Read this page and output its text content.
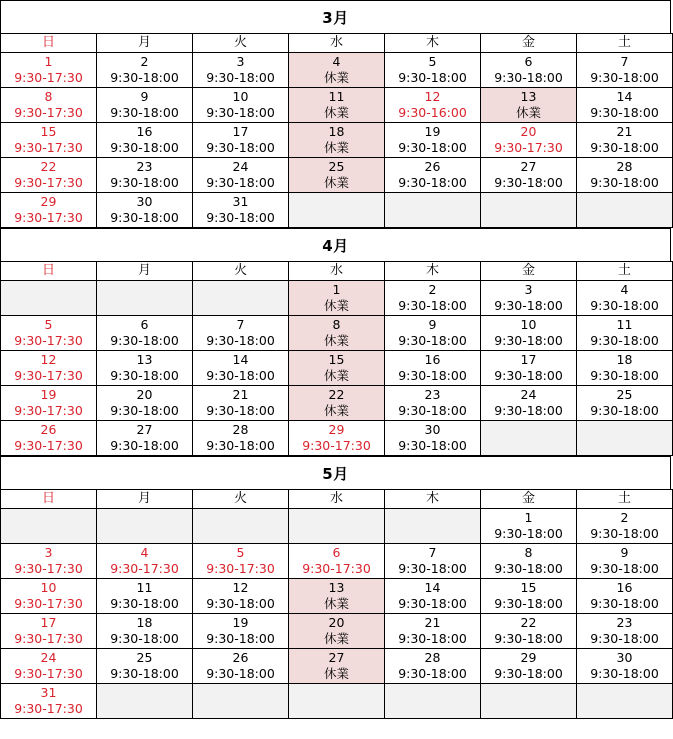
3月
日	月	火	水	木	金	土

1
9:30-17:30	2
9:30-18:00	3
9:30-18:00	4
休業	5
9:30-18:00	6
9:30-18:00	7
9:30-18:00

8
9:30-17:30	9
9:30-18:00	10
9:30-18:00	11
休業	12
9:30-16:00	13
休業	14
9:30-18:00

15
9:30-17:30	16
9:30-18:00	17
9:30-18:00	18
休業	19
9:30-18:00	20
9:30-17:30	21
9:30-18:00

22
9:30-17:30	23
9:30-18:00	24
9:30-18:00	25
休業	26
9:30-18:00	27
9:30-18:00	28
9:30-18:00

29
9:30-17:30	30
9:30-18:00	31
9:30-18:00				

4月
日	月	火	水	木	金	土

			1
休業	2
9:30-18:00	3
9:30-18:00	4
9:30-18:00

5
9:30-17:30	6
9:30-18:00	7
9:30-18:00	8
休業	9
9:30-18:00	10
9:30-18:00	11
9:30-18:00

12
9:30-17:30	13
9:30-18:00	14
9:30-18:00	15
休業	16
9:30-18:00	17
9:30-18:00	18
9:30-18:00

19
9:30-17:30	20
9:30-18:00	21
9:30-18:00	22
休業	23
9:30-18:00	24
9:30-18:00	25
9:30-18:00

26
9:30-17:30	27
9:30-18:00	28
9:30-18:00	29
9:30-17:30	30
9:30-18:00		

5月
日	月	火	水	木	金	土

					1
9:30-18:00	2
9:30-18:00

3
9:30-17:30	4
9:30-17:30	5
9:30-17:30	6
9:30-17:30	7
9:30-18:00	8
9:30-18:00	9
9:30-18:00

10
9:30-17:30	11
9:30-18:00	12
9:30-18:00	13
休業	14
9:30-18:00	15
9:30-18:00	16
9:30-18:00

17
9:30-17:30	18
9:30-18:00	19
9:30-18:00	20
休業	21
9:30-18:00	22
9:30-18:00	23
9:30-18:00

24
9:30-17:30	25
9:30-18:00	26
9:30-18:00	27
休業	28
9:30-18:00	29
9:30-18:00	30
9:30-18:00

31
9:30-17:30						
